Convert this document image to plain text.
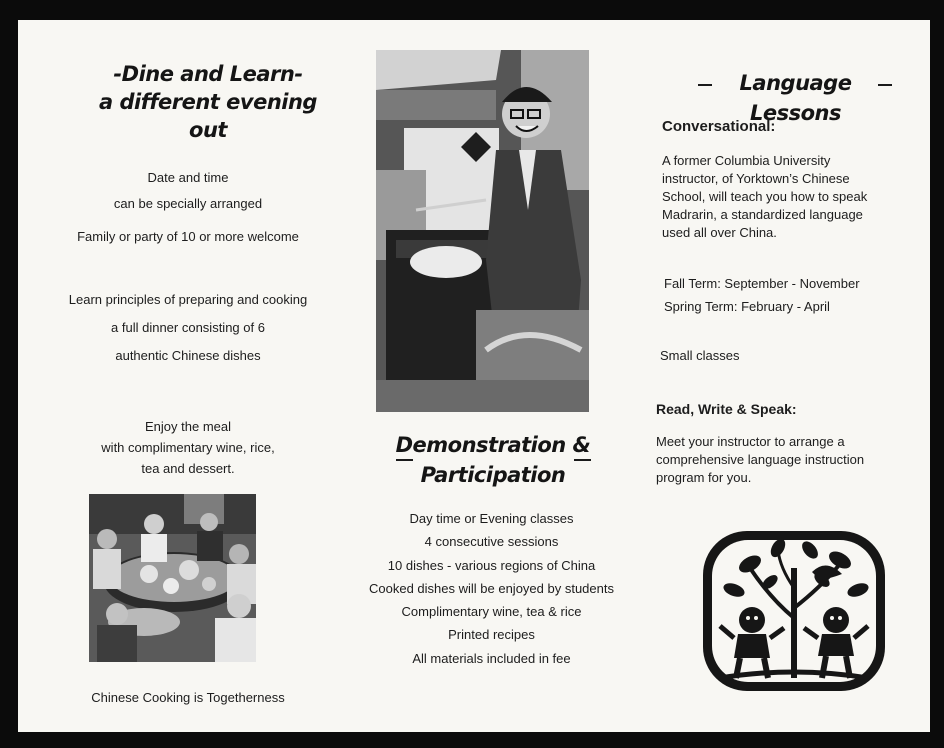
-Dine and Learn-
a different evening out
Date and time
can be specially arranged
Family or party of 10 or more welcome
Learn principles of preparing and cooking
a full dinner consisting of 6
authentic Chinese dishes
Enjoy the meal
with complimentary wine, rice,
tea and dessert.
Chinese Cooking is Togetherness
Demonstration &
Participation
Day time or Evening classes
4 consecutive sessions
10 dishes - various regions of China
Cooked dishes will be enjoyed by students
Complimentary wine, tea & rice
Printed recipes
All materials included in fee
Language Lessons
Conversational:
A former Columbia University instructor, of Yorktown’s Chinese School, will teach you how to speak Madrarin, a standardized language used all over China.
Fall Term: September - November
Spring Term: February - April
Small classes
Read, Write & Speak:
Meet your instructor to arrange a comprehensive language instruction program for you.
